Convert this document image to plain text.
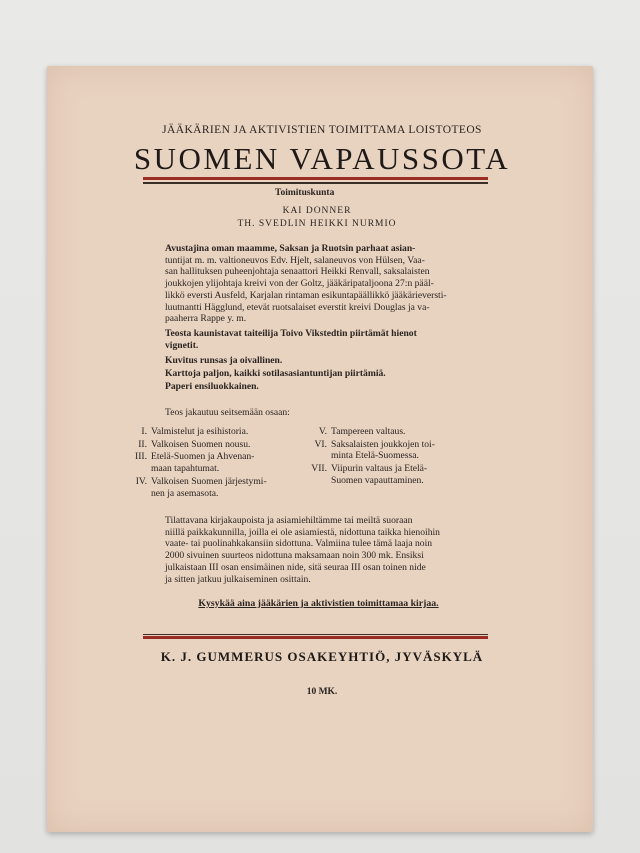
JÄÄKÄRIEN JA AKTIVISTIEN TOIMITTAMA LOISTOTEOS
SUOMEN VAPAUSSOTA
Toimituskunta
KAI DONNER
TH. SVEDLIN HEIKKI NURMIO
Avustajina oman maamme, Saksan ja Ruotsin parhaat asian-
tuntijat m. m. valtioneuvos Edv. Hjelt, salaneuvos von Hülsen, Vaa-
san hallituksen puheenjohtaja senaattori Heikki Renvall, saksalaisten
joukkojen ylijohtaja kreivi von der Goltz, jääkäripataljoona 27:n pääl-
likkö eversti Ausfeld, Karjalan rintaman esikuntapäällikkö jääkärieversti-
luutnantti Hägglund, etevät ruotsalaiset everstit kreivi Douglas ja va-
paaherra Rappe y. m.
Teosta kaunistavat taiteilija Toivo Vikstedtin piirtämät hienot
vignetit.
Kuvitus runsas ja oivallinen.
Karttoja paljon, kaikki sotilasasiantuntijan piirtämiä.
Paperi ensiluokkainen.
Teos jakautuu seitsemään osaan:
I. Valmistelut ja esihistoria.
II. Valkoisen Suomen nousu.
III. Etelä-Suomen ja Ahvenan-
maan tapahtumat.
IV. Valkoisen Suomen järjestymi-
nen ja asemasota.
V. Tampereen valtaus.
VI. Saksalaisten joukkojen toi-
minta Etelä-Suomessa.
VII. Viipurin valtaus ja Etelä-
Suomen vapauttaminen.
Tilattavana kirjakaupoista ja asiamiehiltämme tai meiltä suoraan
niillä paikkakunnilla, joilla ei ole asiamiestä, nidottuna taikka hienoihin
vaate- tai puolinahkakansiin sidottuna. Valmiina tulee tämä laaja noin
2000 sivuinen suurteos nidottuna maksamaan noin 300 mk. Ensiksi
julkaistaan III osan ensimäinen nide, sitä seuraa III osan toinen nide
ja sitten jatkuu julkaiseminen osittain.
Kysykää aina jääkärien ja aktivistien toimittamaa kirjaa.
K. J. GUMMERUS OSAKEYHTIÖ, JYVÄSKYLÄ
10 MK.
